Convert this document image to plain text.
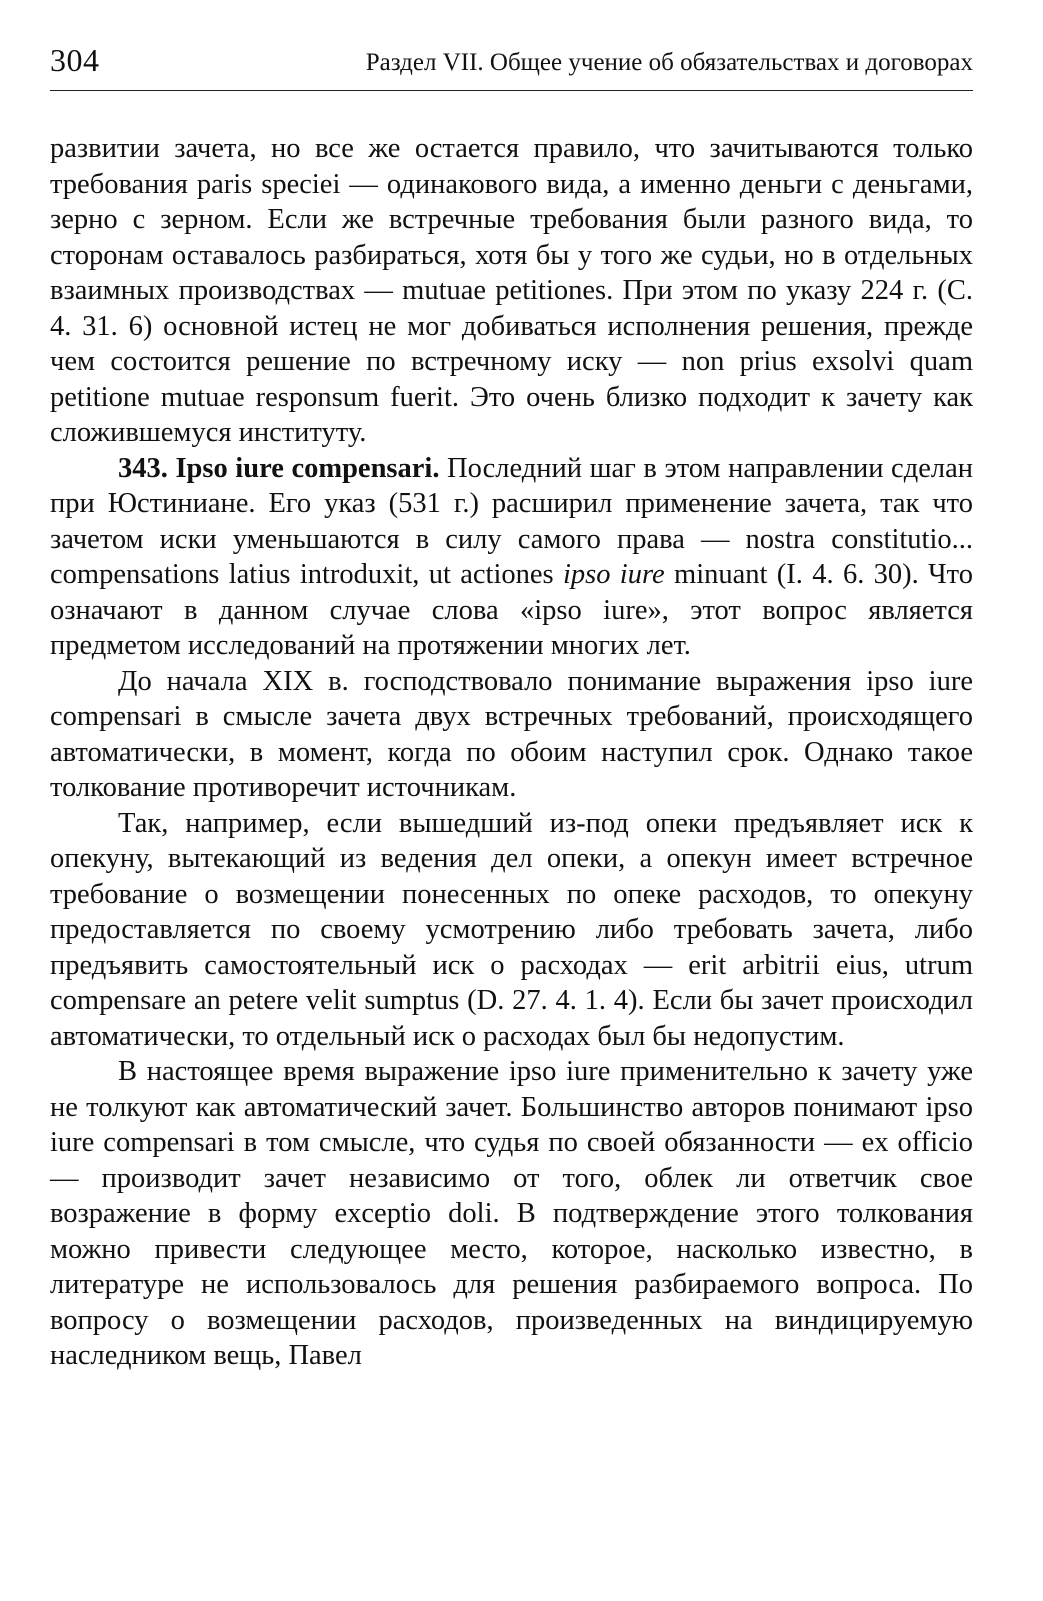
304	Раздел VII. Общее учение об обязательствах и договорах

развитии зачета, но все же остается правило, что зачитываются только требования paris speciei — одинакового вида, а именно деньги с деньгами, зерно с зерном. Если же встречные требования были разного вида, то сторонам оставалось разбираться, хотя бы у того же судьи, но в отдельных взаимных производствах — mutuae petitiones. При этом по указу 224 г. (С. 4. 31. 6) основной истец не мог добиваться исполнения решения, прежде чем состоится решение по встречному иску — non prius exsolvi quam petitione mutuae responsum fuerit. Это очень близко подходит к зачету как сложившемуся институту.

343. Ipso iure compensari. Последний шаг в этом направлении сделан при Юстиниане. Его указ (531 г.) расширил применение зачета, так что зачетом иски уменьшаются в силу самого права — nostra constitutio... compensations latius introduxit, ut actiones ipso iure minuant (I. 4. 6. 30). Что означают в данном случае слова «ipso iure», этот вопрос является предметом исследований на протяжении многих лет.

До начала XIX в. господствовало понимание выражения ipso iure compensari в смысле зачета двух встречных требований, происходящего автоматически, в момент, когда по обоим наступил срок. Однако такое толкование противоречит источникам.

Так, например, если вышедший из-под опеки предъявляет иск к опекуну, вытекающий из ведения дел опеки, а опекун имеет встречное требование о возмещении понесенных по опеке расходов, то опекуну предоставляется по своему усмотрению либо требовать зачета, либо предъявить самостоятельный иск о расходах — erit arbitrii eius, utrum compensare an petere velit sumptus (D. 27. 4. 1. 4). Если бы зачет происходил автоматически, то отдельный иск о расходах был бы недопустим.

В настоящее время выражение ipso iure применительно к зачету уже не толкуют как автоматический зачет. Большинство авторов понимают ipso iure compensari в том смысле, что судья по своей обязанности — ex officio — производит зачет независимо от того, облек ли ответчик свое возражение в форму exceptio doli. В подтверждение этого толкования можно привести следующее место, которое, насколько известно, в литературе не использовалось для решения разбираемого вопроса. По вопросу о возмещении расходов, произведенных на виндицируемую наследником вещь, Павел
